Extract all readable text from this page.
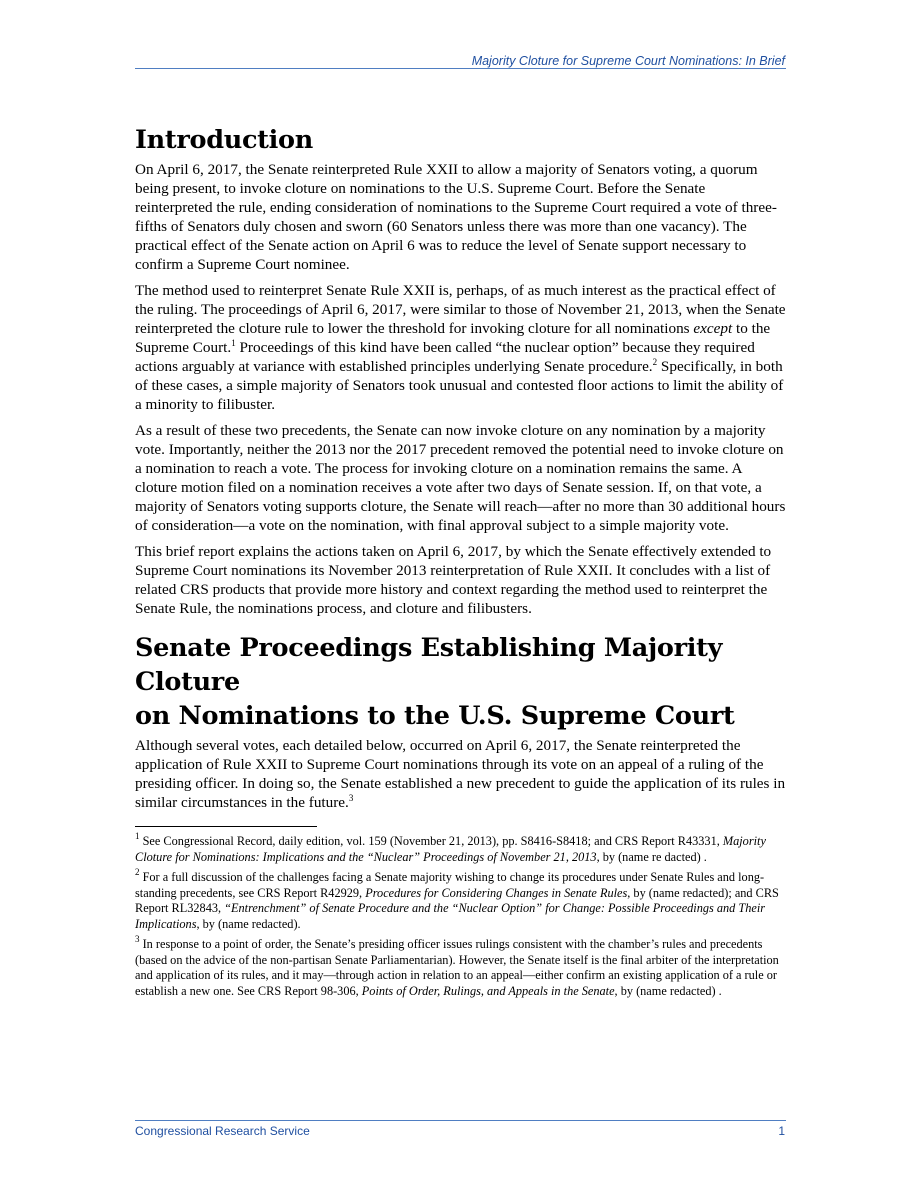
Majority Cloture for Supreme Court Nominations: In Brief
Introduction

On April 6, 2017, the Senate reinterpreted Rule XXII to allow a majority of Senators voting, a quorum being present, to invoke cloture on nominations to the U.S. Supreme Court. Before the Senate reinterpreted the rule, ending consideration of nominations to the Supreme Court required a vote of three-fifths of Senators duly chosen and sworn (60 Senators unless there was more than one vacancy). The practical effect of the Senate action on April 6 was to reduce the level of Senate support necessary to confirm a Supreme Court nominee.

The method used to reinterpret Senate Rule XXII is, perhaps, of as much interest as the practical effect of the ruling. The proceedings of April 6, 2017, were similar to those of November 21, 2013, when the Senate reinterpreted the cloture rule to lower the threshold for invoking cloture for all nominations except to the Supreme Court.$^1$ Proceedings of this kind have been called “the nuclear option” because they required actions arguably at variance with established principles underlying Senate procedure.$^2$ Specifically, in both of these cases, a simple majority of Senators took unusual and contested floor actions to limit the ability of a minority to filibuster.

As a result of these two precedents, the Senate can now invoke cloture on any nomination by a majority vote. Importantly, neither the 2013 nor the 2017 precedent removed the potential need to invoke cloture on a nomination to reach a vote. The process for invoking cloture on a nomination remains the same. A cloture motion filed on a nomination receives a vote after two days of Senate session. If, on that vote, a majority of Senators voting supports cloture, the Senate will reach—after no more than 30 additional hours of consideration—a vote on the nomination, with final approval subject to a simple majority vote.

This brief report explains the actions taken on April 6, 2017, by which the Senate effectively extended to Supreme Court nominations its November 2013 reinterpretation of Rule XXII. It concludes with a list of related CRS products that provide more history and context regarding the method used to reinterpret the Senate Rule, the nominations process, and cloture and filibusters.

Senate Proceedings Establishing Majority Cloture
on Nominations to the U.S. Supreme Court

Although several votes, each detailed below, occurred on April 6, 2017, the Senate reinterpreted the application of Rule XXII to Supreme Court nominations through its vote on an appeal of a ruling of the presiding officer. In doing so, the Senate established a new precedent to guide the application of its rules in similar circumstances in the future.$^3$

$^1$ See Congressional Record, daily edition, vol. 159 (November 21, 2013), pp. S8416-S8418; and CRS Report R43331, Majority Cloture for Nominations: Implications and the “Nuclear” Proceedings of November 21, 2013, by (name re dacted) .

$^2$ For a full discussion of the challenges facing a Senate majority wishing to change its procedures under Senate Rules and long-standing precedents, see CRS Report R42929, Procedures for Considering Changes in Senate Rules, by (name redacted); and CRS Report RL32843, “Entrenchment” of Senate Procedure and the “Nuclear Option” for Change: Possible Proceedings and Their Implications, by (name redacted).

$^3$ In response to a point of order, the Senate’s presiding officer issues rulings consistent with the chamber’s rules and precedents (based on the advice of the non-partisan Senate Parliamentarian). However, the Senate itself is the final arbiter of the interpretation and application of its rules, and it may—through action in relation to an appeal—either confirm an existing application of a rule or establish a new one. See CRS Report 98-306, Points of Order, Rulings, and Appeals in the Senate, by (name redacted) .

Congressional Research Service	1
